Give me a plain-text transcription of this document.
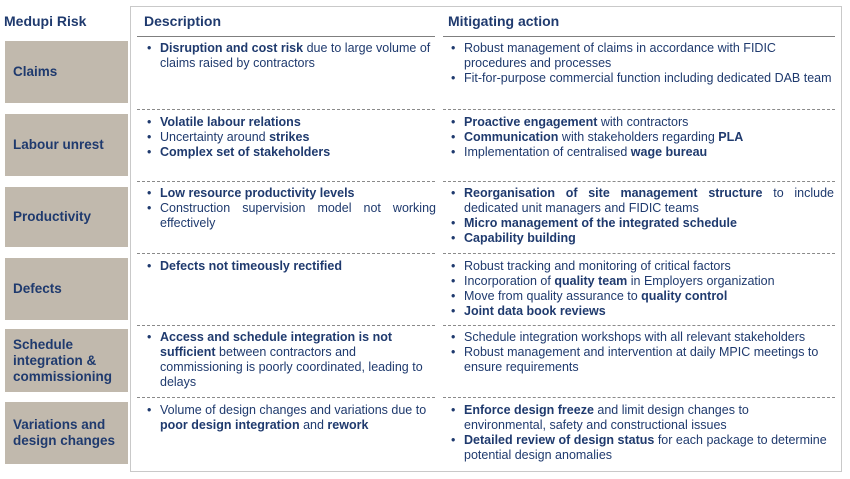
Medupi Risk	Description	Mitigating action
Claims
• Disruption and cost risk due to large volume of claims raised by contractors
• Robust management of claims in accordance with FIDIC procedures and processes
• Fit-for-purpose commercial function including dedicated DAB team
Labour unrest
• Volatile labour relations
• Uncertainty around strikes
• Complex set of stakeholders
• Proactive engagement with contractors
• Communication with stakeholders regarding PLA
• Implementation of centralised wage bureau
Productivity
• Low resource productivity levels
• Construction supervision model not working effectively
• Reorganisation of site management structure to include dedicated unit managers and FIDIC teams
• Micro management of the integrated schedule
• Capability building
Defects
• Defects not timeously rectified
•	Robust tracking and monitoring of critical factors
• Incorporation of quality team in Employers organization
• Move from quality assurance to quality control
• Joint data book reviews
Schedule
integration &
commissioning
• Access and schedule integration is not sufficient between contractors and commissioning is poorly coordinated, leading to delays
• Schedule integration workshops with all relevant stakeholders
• Robust management and intervention at daily MPIC meetings to ensure requirements
Variations and
design changes
• Volume of design changes and variations due to poor design integration and rework
• Enforce design freeze and limit design changes to environmental, safety and constructional issues
• Detailed review of design status for each package to determine potential design anomalies
